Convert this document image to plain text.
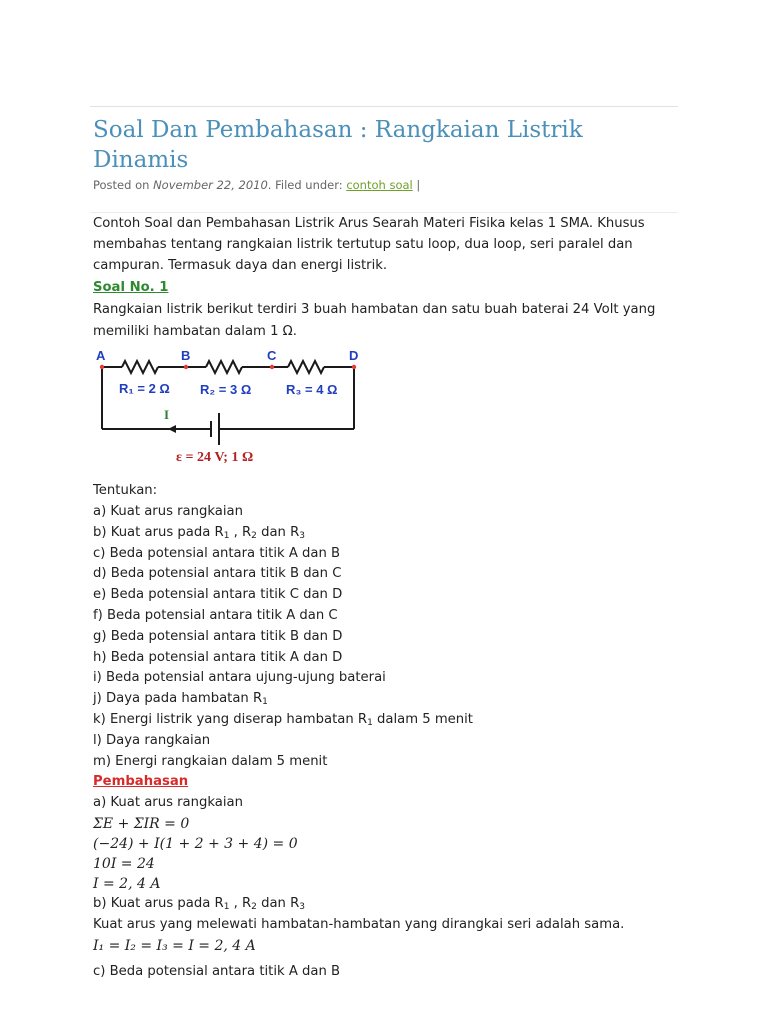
Soal Dan Pembahasan : Rangkaian Listrik Dinamis
Posted on November 22, 2010. Filed under: contoh soal |

Contoh Soal dan Pembahasan Listrik Arus Searah Materi Fisika kelas 1 SMA. Khusus membahas tentang rangkaian listrik tertutup satu loop, dua loop, seri paralel dan campuran. Termasuk daya dan energi listrik.

Soal No. 1

Rangkaian listrik berikut terdiri 3 buah hambatan dan satu buah baterai 24 Volt yang memiliki hambatan dalam 1 Ω.

A	B	C	D
R₁ = 2 Ω R₂ = 3 Ω	R₃ = 4 Ω
I
ε = 24 V; 1 Ω

Tentukan:

a) Kuat arus rangkaian

b) Kuat arus pada $R_1$ , $R_2$ dan $R_3$

c) Beda potensial antara titik A dan B

d) Beda potensial antara titik B dan C

e) Beda potensial antara titik C dan D

f) Beda potensial antara titik A dan C

g) Beda potensial antara titik B dan D

h) Beda potensial antara titik A dan D

i) Beda potensial antara ujung-ujung baterai

j) Daya pada hambatan $R_1$

k) Energi listrik yang diserap hambatan $R_1$ dalam 5 menit

l) Daya rangkaian

m) Energi rangkaian dalam 5 menit

Pembahasan

a) Kuat arus rangkaian

ΣE + ΣIR = 0

(−24) + I(1 + 2 + 3 + 4) = 0

10I = 24

I = 2, 4 A

b) Kuat arus pada $R_1$ , $R_2$ dan $R_3$

Kuat arus yang melewati hambatan-hambatan yang dirangkai seri adalah sama.

I₁ = I₂ = I₃ = I = 2, 4 A

c) Beda potensial antara titik A dan B
